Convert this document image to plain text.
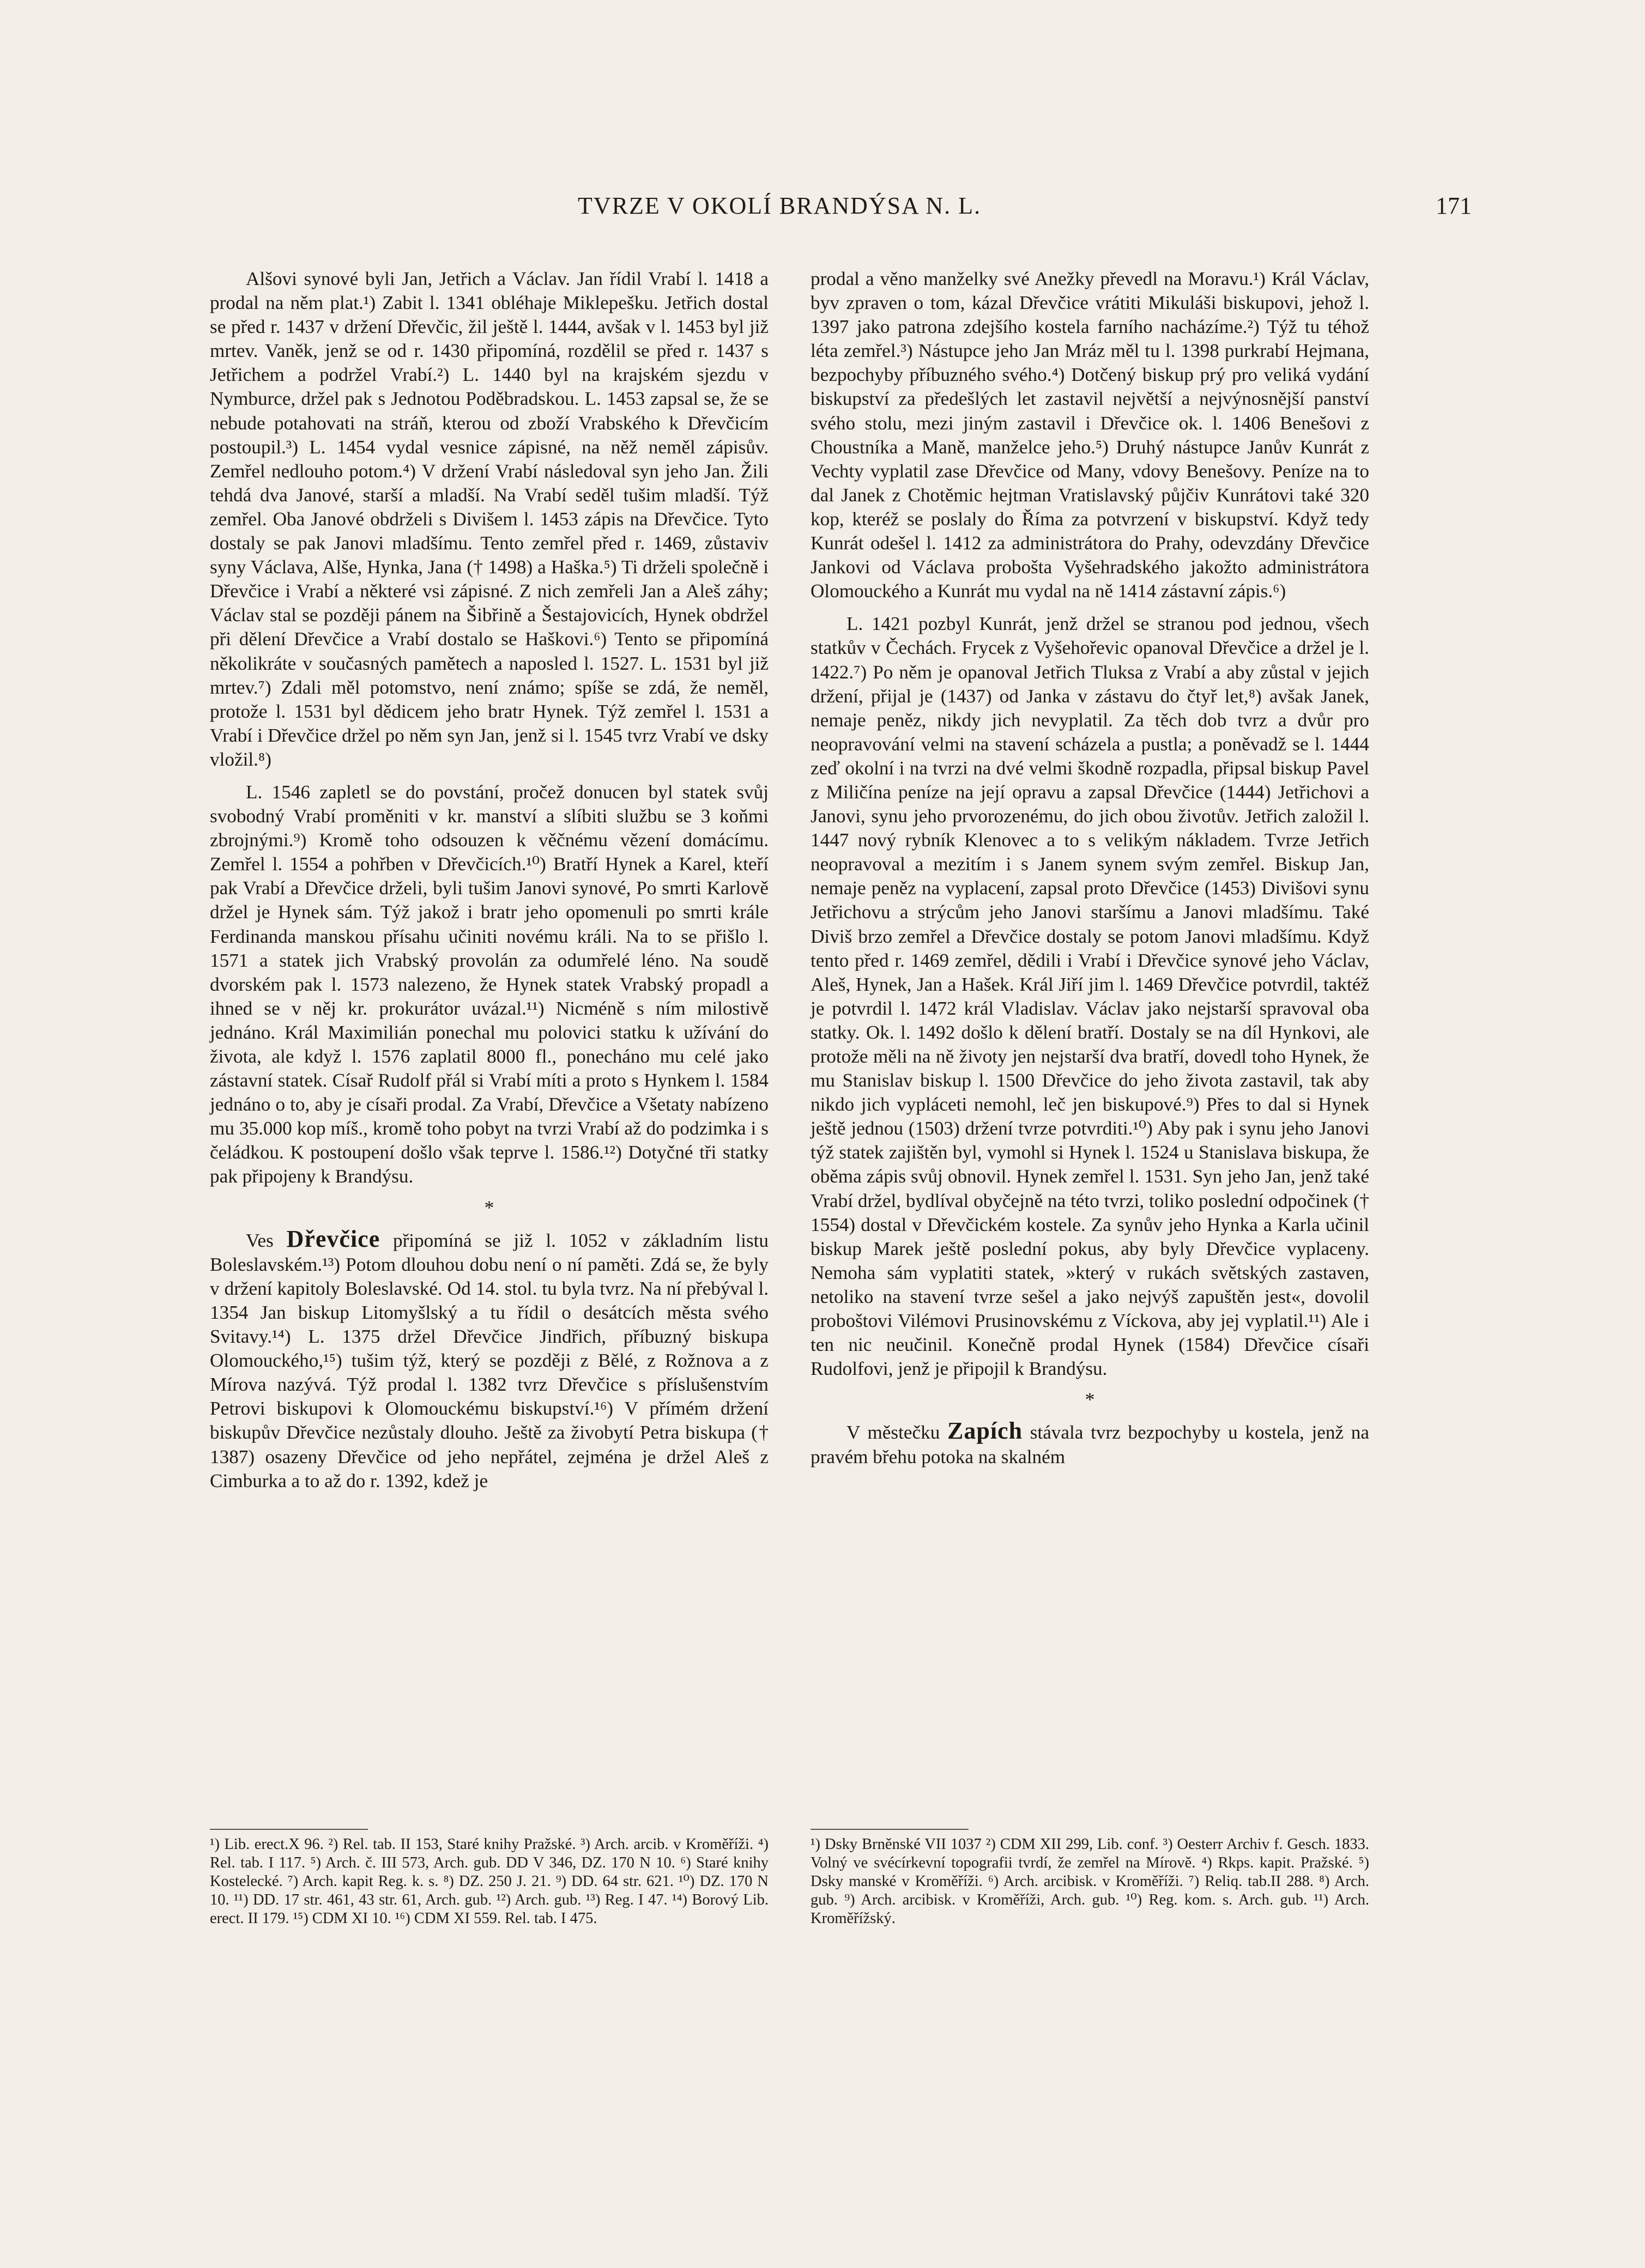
TVRZE V OKOLÍ BRANDÝSA N. L.	171

Alšovi synové byli Jan, Jetřich a Václav. Jan řídil Vrabí l. 1418 a prodal na něm plat.¹) Zabit l. 1341 obléhaje Miklepešku. Jetřich dostal se před r. 1437 v držení Dřevčic, žil ještě l. 1444, avšak v l. 1453 byl již mrtev. Vaněk, jenž se od r. 1430 připomíná, rozdělil se před r. 1437 s Jetřichem a podržel Vrabí.²) L. 1440 byl na krajském sjezdu v Nymburce, držel pak s Jednotou Poděbradskou. L. 1453 zapsal se, že se nebude potahovati na stráň, kterou od zboží Vrabského k Dřevčicím postoupil.³) L. 1454 vydal vesnice zápisné, na něž neměl zápisův. Zemřel nedlouho potom.⁴) V držení Vrabí následoval syn jeho Jan. Žili tehdá dva Janové, starší a mladší. Na Vrabí seděl tušim mladší. Týž zemřel. Oba Janové obdrželi s Divišem l. 1453 zápis na Dřevčice. Tyto dostaly se pak Janovi mladšímu. Tento zemřel před r. 1469, zůstaviv syny Václava, Alše, Hynka, Jana († 1498) a Haška.⁵) Ti drželi společně i Dřevčice i Vrabí a některé vsi zápisné. Z nich zemřeli Jan a Aleš záhy; Václav stal se později pánem na Šibřině a Šestajovicích, Hynek obdržel při dělení Dřevčice a Vrabí dostalo se Haškovi.⁶) Tento se připomíná několikráte v současných pamětech a naposled l. 1527. L. 1531 byl již mrtev.⁷) Zdali měl potomstvo, není známo; spíše se zdá, že neměl, protože l. 1531 byl dědicem jeho bratr Hynek. Týž zemřel l. 1531 a Vrabí i Dřevčice držel po něm syn Jan, jenž si l. 1545 tvrz Vrabí ve dsky vložil.⁸)

L. 1546 zapletl se do povstání, pročež donucen byl statek svůj svobodný Vrabí proměniti v kr. manství a slíbiti službu se 3 koňmi zbrojnými.⁹) Kromě toho odsouzen k věčnému vězení domácímu. Zemřel l. 1554 a pohřben v Dřevčicích.¹⁰) Bratří Hynek a Karel, kteří pak Vrabí a Dřevčice drželi, byli tušim Janovi synové, Po smrti Karlově držel je Hynek sám. Týž jakož i bratr jeho opomenuli po smrti krále Ferdinanda manskou přísahu učiniti novému králi. Na to se přišlo l. 1571 a statek jich Vrabský provolán za odumřelé léno. Na soudě dvorském pak l. 1573 nalezeno, že Hynek statek Vrabský propadl a ihned se v něj kr. prokurátor uvázal.¹¹) Nicméně s ním milostivě jednáno. Král Maximilián ponechal mu polovici statku k užívání do života, ale když l. 1576 zaplatil 8000 fl., ponecháno mu celé jako zástavní statek. Císař Rudolf přál si Vrabí míti a proto s Hynkem l. 1584 jednáno o to, aby je císaři prodal. Za Vrabí, Dřevčice a Všetaty nabízeno mu 35.000 kop míš., kromě toho pobyt na tvrzi Vrabí až do podzimka i s čeládkou. K postoupení došlo však teprve l. 1586.¹²) Dotyčné tři statky pak připojeny k Brandýsu.

*

Ves Dřevčice připomíná se již l. 1052 v základním listu Boleslavském.¹³) Potom dlouhou dobu není o ní paměti. Zdá se, že byly v držení kapitoly Boleslavské. Od 14. stol. tu byla tvrz. Na ní přebýval l. 1354 Jan biskup Litomyšlský a tu řídil o desátcích města svého Svitavy.¹⁴) L. 1375 držel Dřevčice Jindřich, příbuzný biskupa Olomouckého,¹⁵) tušim týž, který se později z Bělé, z Rožnova a z Mírova nazývá. Týž prodal l. 1382 tvrz Dřevčice s příslušenstvím Petrovi biskupovi k Olomouckému biskupství.¹⁶) V přímém držení biskupův Dřevčice nezůstaly dlouho. Ještě za živobytí Petra biskupa († 1387) osazeny Dřevčice od jeho nepřátel, zejména je držel Aleš z Cimburka a to až do r. 1392, kdež je

prodal a věno manželky své Anežky převedl na Moravu.¹) Král Václav, byv zpraven o tom, kázal Dřevčice vrátiti Mikuláši biskupovi, jehož l. 1397 jako patrona zdejšího kostela farního nacházíme.²) Týž tu téhož léta zemřel.³) Nástupce jeho Jan Mráz měl tu l. 1398 purkrabí Hejmana, bezpochyby příbuzného svého.⁴) Dotčený biskup prý pro veliká vydání biskupství za předešlých let zastavil největší a nejvýnosnější panství svého stolu, mezi jiným zastavil i Dřevčice ok. l. 1406 Benešovi z Choustníka a Maně, manželce jeho.⁵) Druhý nástupce Janův Kunrát z Vechty vyplatil zase Dřevčice od Many, vdovy Benešovy. Peníze na to dal Janek z Chotěmic hejtman Vratislavský půjčiv Kunrátovi také 320 kop, kteréž se poslaly do Říma za potvrzení v biskupství. Když tedy Kunrát odešel l. 1412 za administrátora do Prahy, odevzdány Dřevčice Jankovi od Václava probošta Vyšehradského jakožto administrátora Olomouckého a Kunrát mu vydal na ně 1414 zástavní zápis.⁶)

L. 1421 pozbyl Kunrát, jenž držel se stranou pod jednou, všech statkův v Čechách. Frycek z Vyšehořevic opanoval Dřevčice a držel je l. 1422.⁷) Po něm je opanoval Jetřich Tluksa z Vrabí a aby zůstal v jejich držení, přijal je (1437) od Janka v zástavu do čtyř let,⁸) avšak Janek, nemaje peněz, nikdy jich nevyplatil. Za těch dob tvrz a dvůr pro neopravování velmi na stavení scházela a pustla; a poněvadž se l. 1444 zeď okolní i na tvrzi na dvé velmi škodně rozpadla, připsal biskup Pavel z Miličína peníze na její opravu a zapsal Dřevčice (1444) Jetřichovi a Janovi, synu jeho prvorozenému, do jich obou životův. Jetřich založil l. 1447 nový rybník Klenovec a to s velikým nákladem. Tvrze Jetřich neopravoval a mezitím i s Janem synem svým zemřel. Biskup Jan, nemaje peněz na vyplacení, zapsal proto Dřevčice (1453) Divišovi synu Jetřichovu a strýcům jeho Janovi staršímu a Janovi mladšímu. Také Diviš brzo zemřel a Dřevčice dostaly se potom Janovi mladšímu. Když tento před r. 1469 zemřel, dědili i Vrabí i Dřevčice synové jeho Václav, Aleš, Hynek, Jan a Hašek. Král Jiří jim l. 1469 Dřevčice potvrdil, taktéž je potvrdil l. 1472 král Vladislav. Václav jako nejstarší spravoval oba statky. Ok. l. 1492 došlo k dělení bratří. Dostaly se na díl Hynkovi, ale protože měli na ně životy jen nejstarší dva bratří, dovedl toho Hynek, že mu Stanislav biskup l. 1500 Dřevčice do jeho života zastavil, tak aby nikdo jich vypláceti nemohl, leč jen biskupové.⁹) Přes to dal si Hynek ještě jednou (1503) držení tvrze potvrditi.¹⁰) Aby pak i synu jeho Janovi týž statek zajištěn byl, vymohl si Hynek l. 1524 u Stanislava biskupa, že oběma zápis svůj obnovil. Hynek zemřel l. 1531. Syn jeho Jan, jenž také Vrabí držel, bydlíval obyčejně na této tvrzi, toliko poslední odpočinek († 1554) dostal v Dřevčickém kostele. Za synův jeho Hynka a Karla učinil biskup Marek ještě poslední pokus, aby byly Dřevčice vyplaceny. Nemoha sám vyplatiti statek, »který v rukách světských zastaven, netoliko na stavení tvrze sešel a jako nejvýš zapuštěn jest«, dovolil proboštovi Vilémovi Prusinovskému z Víckova, aby jej vyplatil.¹¹) Ale i ten nic neučinil. Konečně prodal Hynek (1584) Dřevčice císaři Rudolfovi, jenž je připojil k Brandýsu.

*

V městečku Zapích stávala tvrz bezpochyby u kostela, jenž na pravém břehu potoka na skalném

¹) Lib. erect.X 96. ²) Rel. tab. II 153, Staré knihy Pražské. ³) Arch. arcib. v Kroměříži. ⁴) Rel. tab. I 117. ⁵) Arch. č. III 573, Arch. gub. DD V 346, DZ. 170 N 10. ⁶) Staré knihy Kostelecké. ⁷) Arch. kapit Reg. k. s. ⁸) DZ. 250 J. 21. ⁹) DD. 64 str. 621. ¹⁰) DZ. 170 N 10. ¹¹) DD. 17 str. 461, 43 str. 61, Arch. gub. ¹²) Arch. gub. ¹³) Reg. I 47. ¹⁴) Borový Lib. erect. II 179. ¹⁵) CDM XI 10. ¹⁶) CDM XI 559. Rel. tab. I 475.
¹) Dsky Brněnské VII 1037 ²) CDM XII 299, Lib. conf. ³) Oesterr Archiv f. Gesch. 1833. Volný ve svécírkevní topografii tvrdí, že zemřel na Mírově. ⁴) Rkps. kapit. Pražské. ⁵) Dsky manské v Kroměříži. ⁶) Arch. arcibisk. v Kroměříži. ⁷) Reliq. tab.II 288. ⁸) Arch. gub. ⁹) Arch. arcibisk. v Kroměříži, Arch. gub. ¹⁰) Reg. kom. s. Arch. gub. ¹¹) Arch. Kroměřížský.
